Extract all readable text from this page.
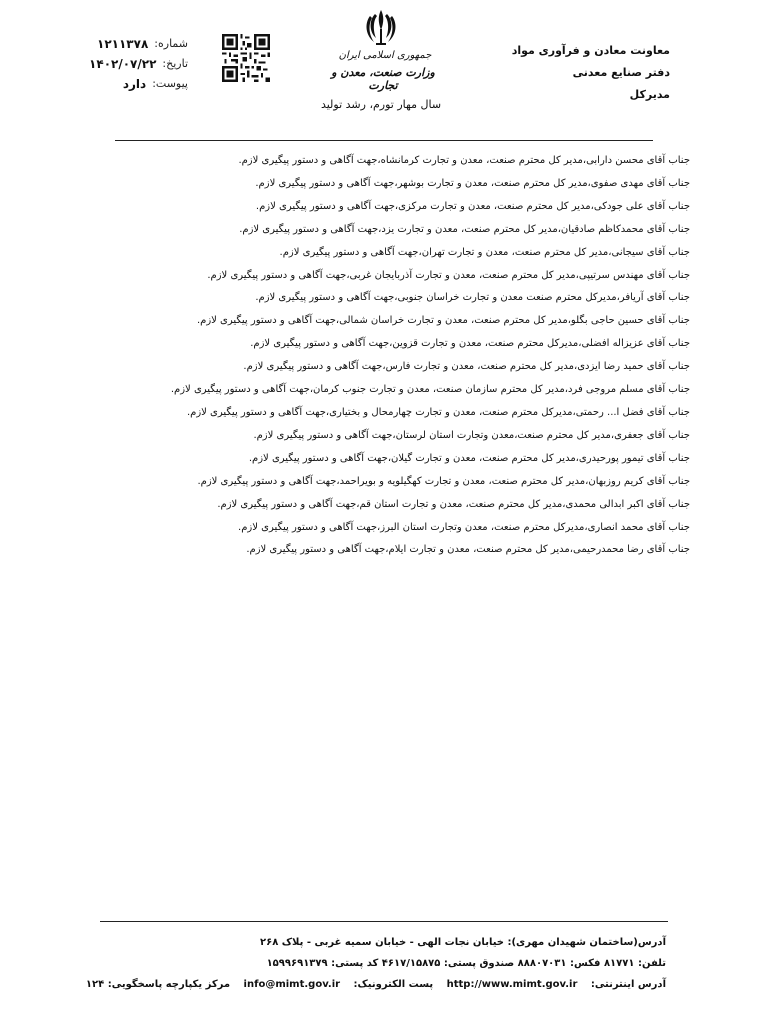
شماره:
۱۲۱۱۳۷۸
تاریخ:
۱۴۰۲/۰۷/۲۲
پیوست:
دارد
جمهوری اسلامی ایران
وزارت صنعت، معدن و تجارت
سال مهار تورم، رشد تولید
معاونت معادن و فرآوری مواد
دفتر صنایع معدنی
مدیرکل
جناب آقای محسن دارابی،مدیر کل محترم صنعت، معدن و تجارت کرمانشاه،جهت آگاهی و دستور پیگیری لازم.
جناب آقای مهدی صفوی،مدیر کل محترم صنعت، معدن و تجارت بوشهر،جهت آگاهی و دستور پیگیری لازم.
جناب آقای علی جودکی،مدیر کل محترم صنعت، معدن و تجارت مرکزی،جهت آگاهی و دستور پیگیری لازم.
جناب آقای محمدکاظم صادقیان،مدیر کل محترم صنعت، معدن و تجارت یزد،جهت آگاهی و دستور پیگیری لازم.
جناب آقای سیجانی،مدیر کل محترم صنعت، معدن و تجارت تهران،جهت آگاهی و دستور پیگیری لازم.
جناب آقای مهندس سرتیپی،مدیر کل محترم صنعت، معدن و تجارت آذربایجان غربی،جهت آگاهی و دستور پیگیری لازم.
جناب آقای آریافر،مدیرکل محترم صنعت معدن و تجارت خراسان جنوبی،جهت آگاهی و دستور پیگیری لازم.
جناب آقای حسین حاجی بگلو،مدیر کل محترم صنعت، معدن و تجارت خراسان شمالی،جهت آگاهی و دستور پیگیری لازم.
جناب آقای عزیزاله افضلی،مدیرکل محترم صنعت، معدن و تجارت قزوین،جهت آگاهی و دستور پیگیری لازم.
جناب آقای حمید رضا ایزدی،مدیر کل محترم صنعت، معدن و تجارت فارس،جهت آگاهی و دستور پیگیری لازم.
جناب آقای مسلم مروجی فرد،مدیر کل محترم سازمان صنعت، معدن و تجارت جنوب کرمان،جهت آگاهی و دستور پیگیری لازم.
جناب آقای فضل ا... رحمتی،مدیرکل محترم صنعت، معدن و تجارت چهارمحال و بختیاری،جهت آگاهی و دستور پیگیری لازم.
جناب آقای جعفری،مدیر کل محترم صنعت،معدن وتجارت استان لرستان،جهت آگاهی و دستور پیگیری لازم.
جناب آقای تیمور پورحیدری،مدیر کل محترم صنعت، معدن و تجارت گیلان،جهت آگاهی و دستور پیگیری لازم.
جناب آقای کریم روزبهان،مدیر کل محترم صنعت، معدن و تجارت کهگیلویه و بویراحمد،جهت آگاهی و دستور پیگیری لازم.
جناب آقای اکبر ابدالی محمدی،مدیر کل محترم صنعت، معدن و تجارت استان قم،جهت آگاهی و دستور پیگیری لازم.
جناب آقای محمد انصاری،مدیرکل محترم صنعت، معدن وتجارت استان البرز،جهت آگاهی و دستور پیگیری لازم.
جناب آقای رضا محمدرحیمی،مدیر کل محترم صنعت، معدن و تجارت ایلام،جهت آگاهی و دستور پیگیری لازم.
آدرس(ساختمان شهیدان مهری): خیابان نجات الهی - خیابان سمیه غربی - پلاک ۲۶۸
تلفن: ۸۱۷۷۱ فکس: ۸۸۸۰۷۰۳۱ صندوق پستی: ۴۶۱۷/۱۵۸۷۵ کد پستی: ۱۵۹۹۶۹۱۳۷۹
آدرس اینترنتی: http://www.mimt.gov.ir پست الکترونیک: info@mimt.gov.ir مرکز یکپارچه پاسخگویی: ۱۲۴
